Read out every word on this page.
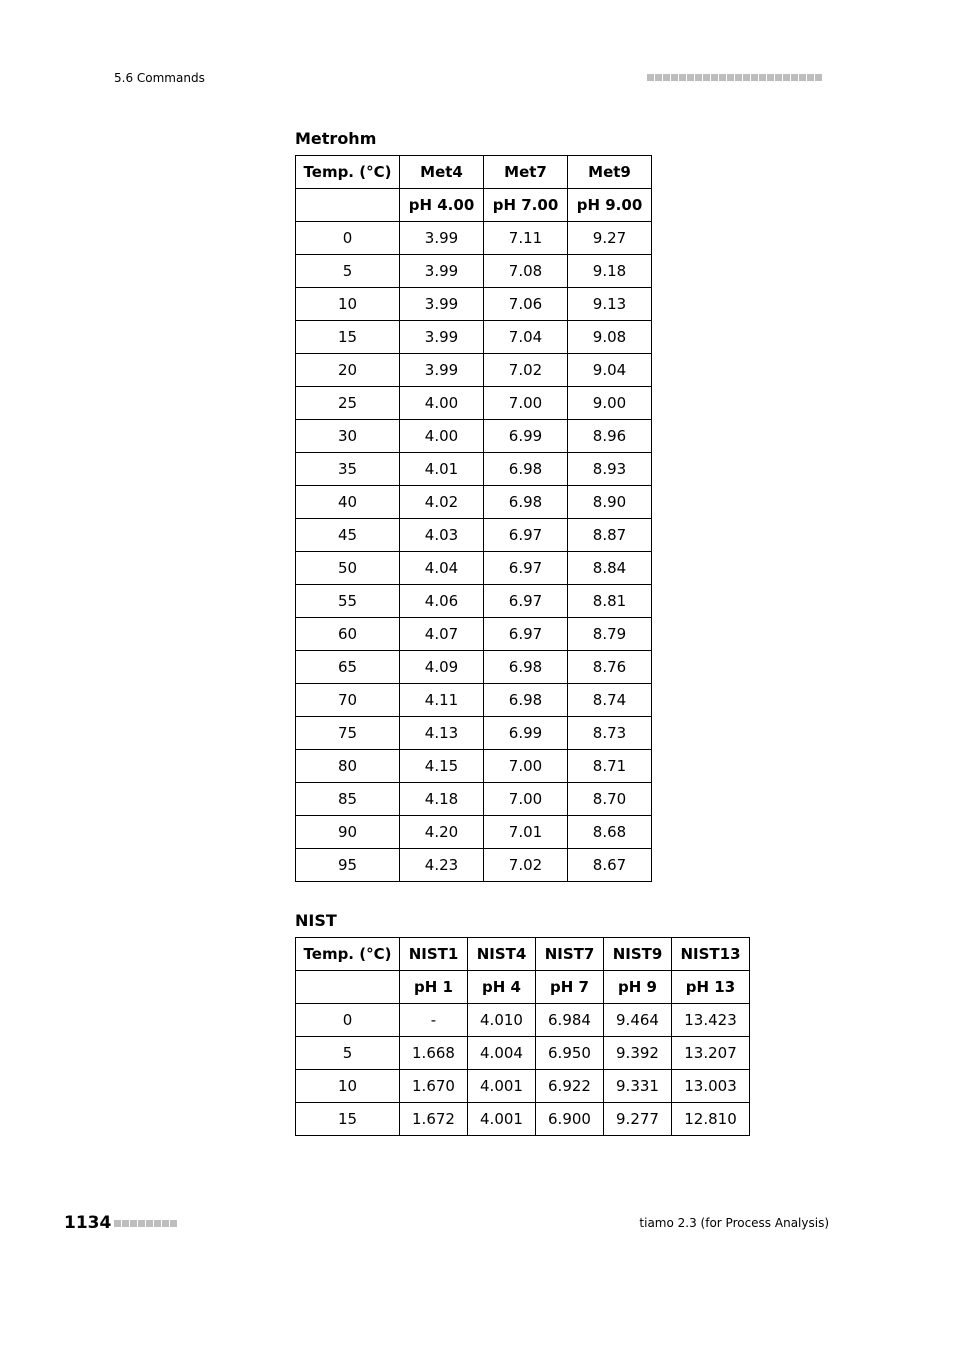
5.6 Commands
Metrohm
Temp. (°C)	Met4	Met7	Met9
	pH 4.00	pH 7.00	pH 9.00
0	3.99	7.11	9.27
5	3.99	7.08	9.18
10	3.99	7.06	9.13
15	3.99	7.04	9.08
20	3.99	7.02	9.04
25	4.00	7.00	9.00
30	4.00	6.99	8.96
35	4.01	6.98	8.93
40	4.02	6.98	8.90
45	4.03	6.97	8.87
50	4.04	6.97	8.84
55	4.06	6.97	8.81
60	4.07	6.97	8.79
65	4.09	6.98	8.76
70	4.11	6.98	8.74
75	4.13	6.99	8.73
80	4.15	7.00	8.71
85	4.18	7.00	8.70
90	4.20	7.01	8.68
95	4.23	7.02	8.67
NIST
Temp. (°C)	NIST1	NIST4	NIST7	NIST9	NIST13
	pH 1	pH 4	pH 7	pH 9	pH 13
0	-	4.010	6.984	9.464	13.423
5	1.668	4.004	6.950	9.392	13.207
10	1.670	4.001	6.922	9.331	13.003
15	1.672	4.001	6.900	9.277	12.810
1134	tiamo 2.3 (for Process Analysis)
